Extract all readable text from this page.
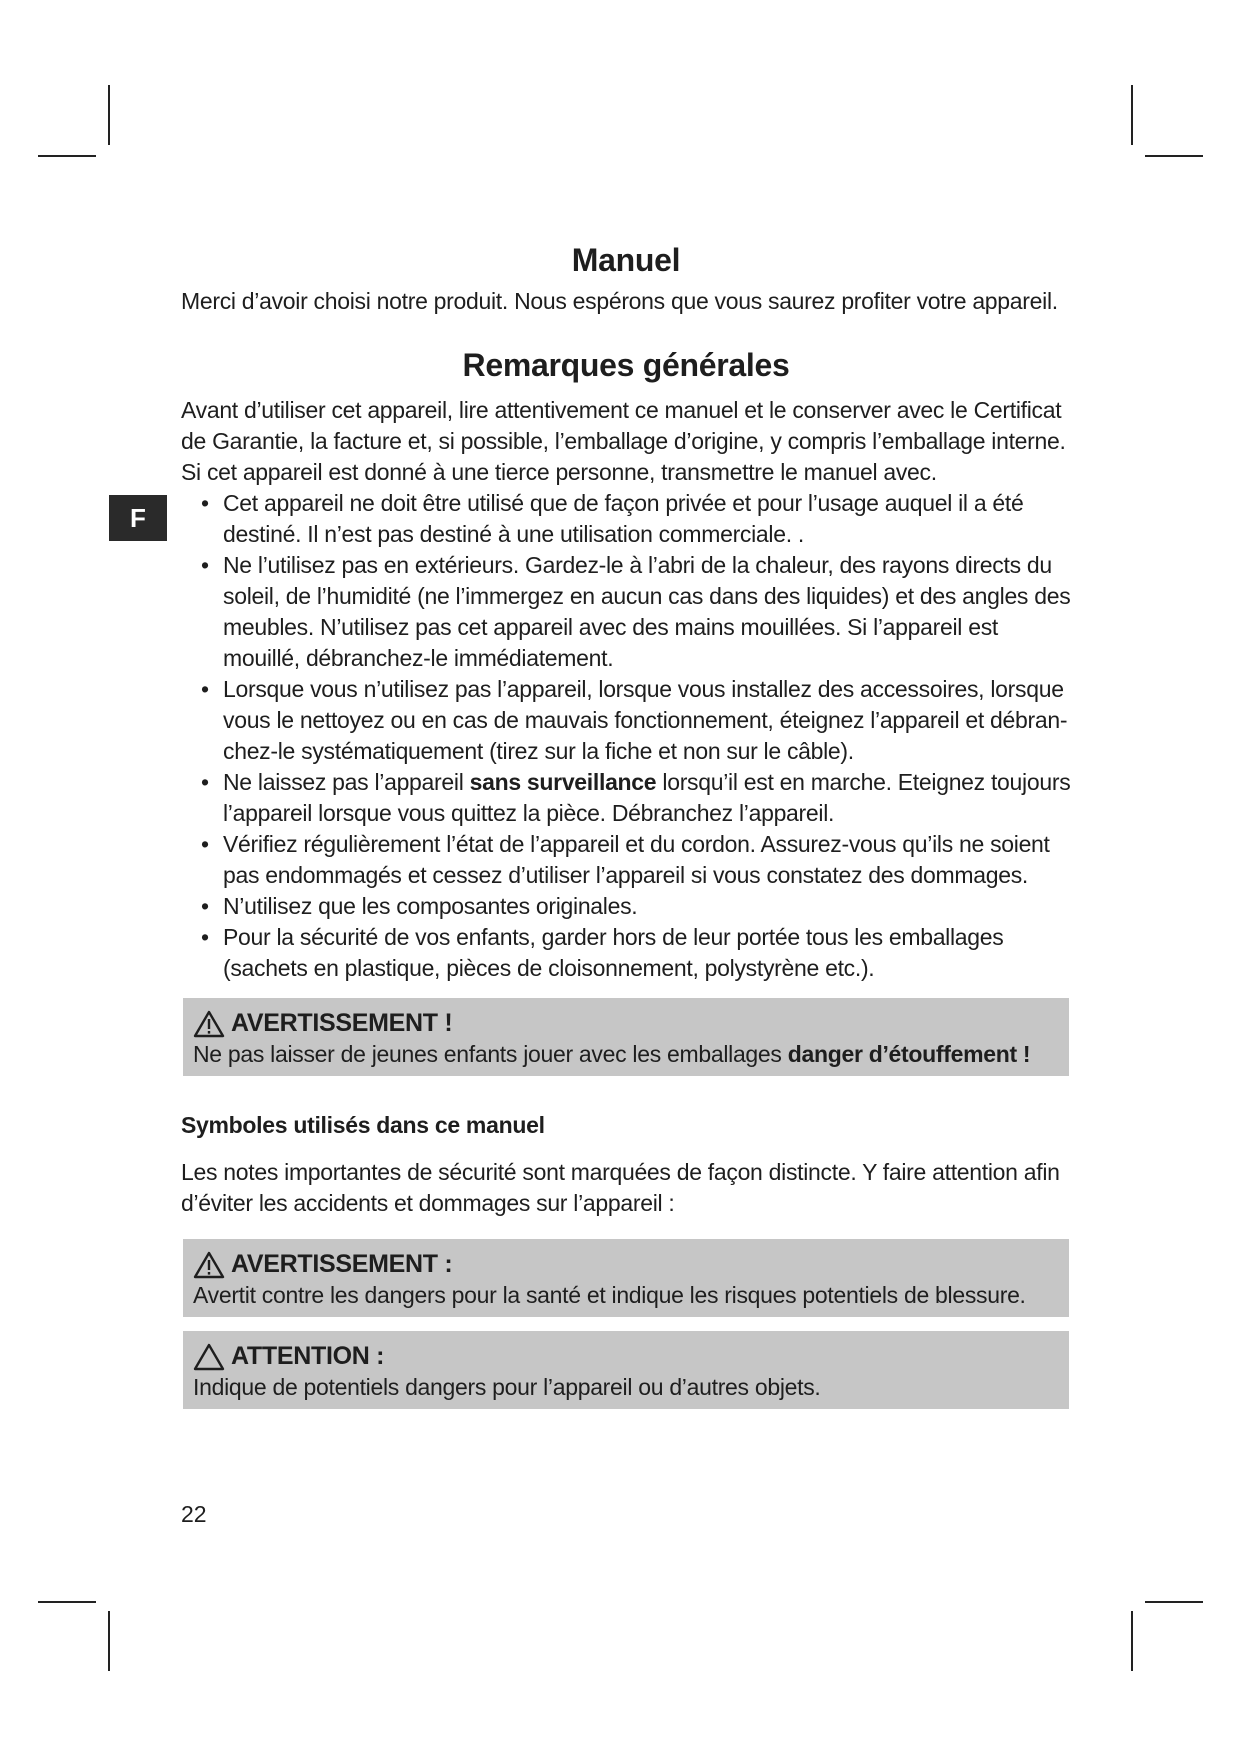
F
Manuel

Merci d’avoir choisi notre produit. Nous espérons que vous saurez profiter votre appareil.

Remarques générales

Avant d’utiliser cet appareil, lire attentivement ce manuel et le conserver avec le Certificat de Garantie, la facture et, si possible, l’emballage d’origine, y compris l’emballage interne. Si cet appareil est donné à une tierce personne, transmettre le manuel avec.

• Cet appareil ne doit être utilisé que de façon privée et pour l’usage auquel il a été destiné. Il n’est pas destiné à une utilisation commerciale. .
• Ne l’utilisez pas en extérieurs. Gardez-le à l’abri de la chaleur, des rayons directs du soleil, de l’humidité (ne l’immergez en aucun cas dans des liquides) et des angles des meubles. N’utilisez pas cet appareil avec des mains mouillées. Si l’appareil est mouillé, débranchez-le immédiatement.
• Lorsque vous n’utilisez pas l’appareil, lorsque vous installez des accessoires, lorsque vous le nettoyez ou en cas de mauvais fonctionnement, éteignez l’appareil et débranchez-le systématiquement (tirez sur la fiche et non sur le câble).
• Ne laissez pas l’appareil sans surveillance lorsqu’il est en marche. Eteignez toujours l’appareil lorsque vous quittez la pièce. Débranchez l’appareil.
• Vérifiez régulièrement l’état de l’appareil et du cordon. Assurez-vous qu’ils ne soient pas endommagés et cessez d’utiliser l’appareil si vous constatez des dommages.
• N’utilisez que les composantes originales.
• Pour la sécurité de vos enfants, garder hors de leur portée tous les emballages (sachets en plastique, pièces de cloisonnement, polystyrène etc.).
AVERTISSEMENT !
Ne pas laisser de jeunes enfants jouer avec les emballages danger d’étouffement !
Symboles utilisés dans ce manuel

Les notes importantes de sécurité sont marquées de façon distincte. Y faire attention afin d’éviter les accidents et dommages sur l’appareil :

AVERTISSEMENT :
Avertit contre les dangers pour la santé et indique les risques potentiels de blessure.
ATTENTION :
Indique de potentiels dangers pour l’appareil ou d’autres objets.
22
